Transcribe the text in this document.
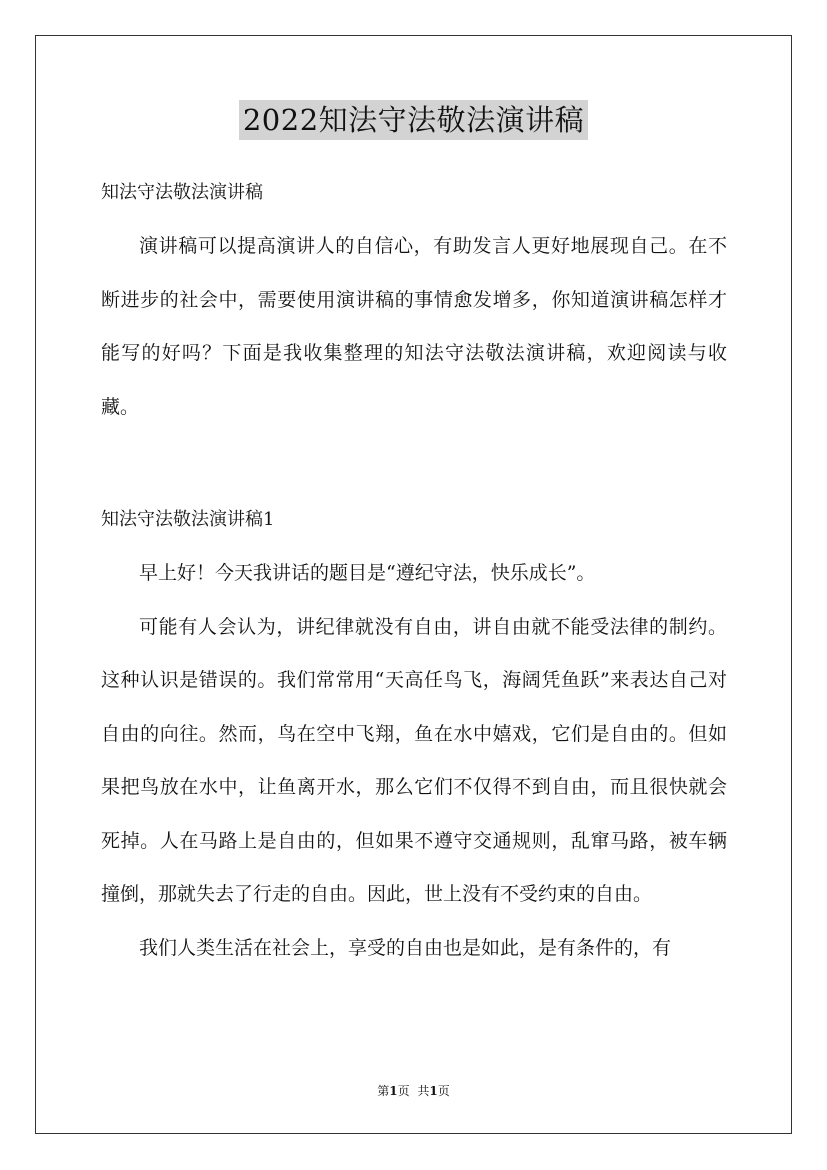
2022知法守法敬法演讲稿
知法守法敬法演讲稿

演讲稿可以提高演讲人的自信心，有助发言人更好地展现自己。在不断进步的社会中，需要使用演讲稿的事情愈发增多，你知道演讲稿怎样才能写的好吗？下面是我收集整理的知法守法敬法演讲稿，欢迎阅读与收藏。

知法守法敬法演讲稿1

早上好！今天我讲话的题目是“遵纪守法，快乐成长”。

可能有人会认为，讲纪律就没有自由，讲自由就不能受法律的制约。这种认识是错误的。我们常常用“天高任鸟飞，海阔凭鱼跃”来表达自己对自由的向往。然而，鸟在空中飞翔，鱼在水中嬉戏，它们是自由的。但如果把鸟放在水中，让鱼离开水，那么它们不仅得不到自由，而且很快就会死掉。人在马路上是自由的，但如果不遵守交通规则，乱窜马路，被车辆撞倒，那就失去了行走的自由。因此，世上没有不受约束的自由。

我们人类生活在社会上，享受的自由也是如此，是有条件的，有

第1页 共1页
